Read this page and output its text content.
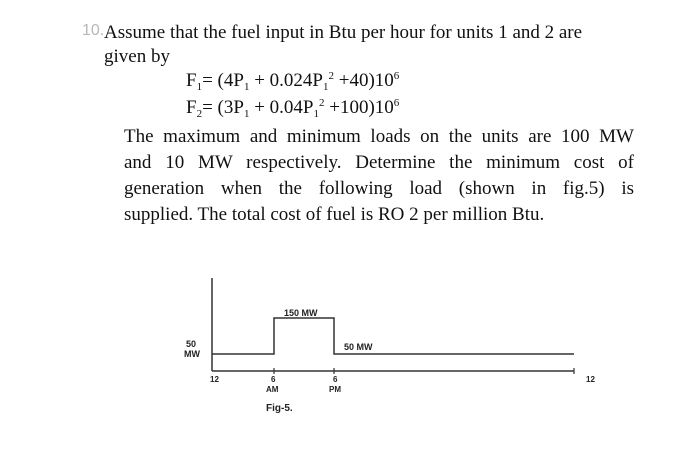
10. Assume that the fuel input in Btu per hour for units 1 and 2 are
given by
$F_1= (4P_1 + 0.024P_1^2 +40)10^6$
$F_2= (3P_1 + 0.04P_1^2 +100)10^6$
The maximum and minimum loads on the units are 100 MW
and 10 MW respectively. Determine the minimum cost of
generation when the following load (shown in fig.5) is
supplied. The total cost of fuel is RO 2 per million Btu.
50
MW
150 MW
50 MW
12	6
AM
6
PM
12
Fig-5.
